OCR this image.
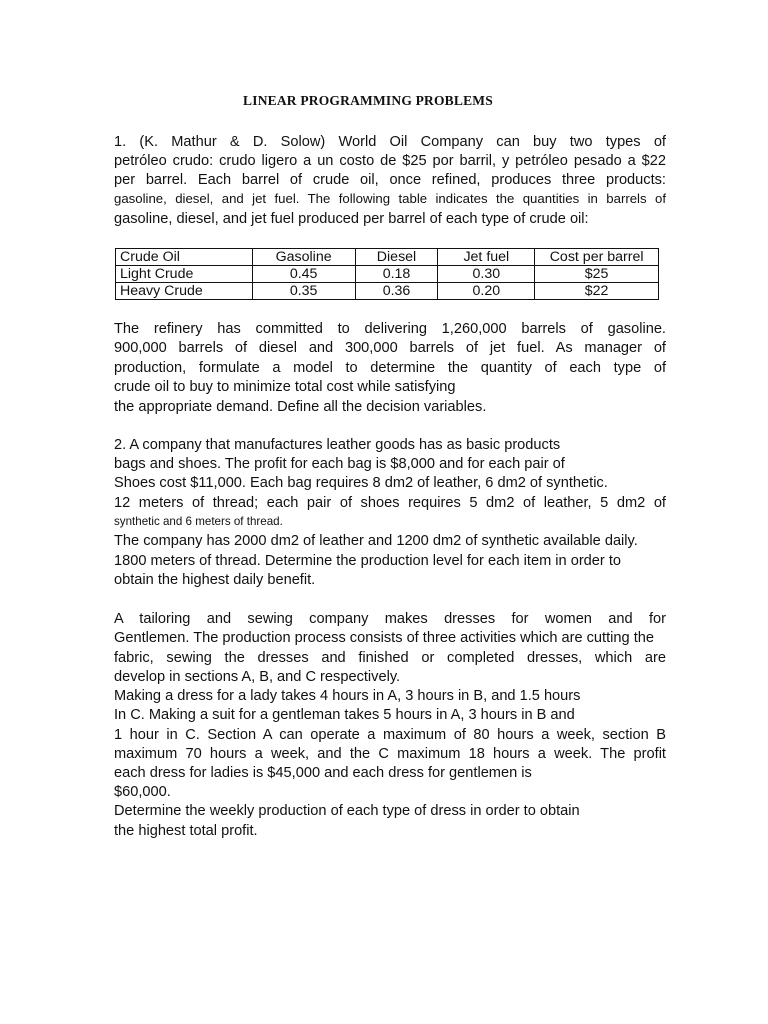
LINEAR PROGRAMMING PROBLEMS
1. (K. Mathur & D. Solow) World Oil Company can buy two types of
petróleo crudo: crudo ligero a un costo de $25 por barril, y petróleo pesado a $22
per barrel. Each barrel of crude oil, once refined, produces three products:
gasoline, diesel, and jet fuel. The following table indicates the quantities in barrels of
gasoline, diesel, and jet fuel produced per barrel of each type of crude oil:
Crude Oil	Gasoline	Diesel	Jet fuel	Cost per barrel
Light Crude	0.45	0.18	0.30	$25
Heavy Crude	0.35	0.36	0.20	$22
The refinery has committed to delivering 1,260,000 barrels of gasoline.
900,000 barrels of diesel and 300,000 barrels of jet fuel. As manager of
production, formulate a model to determine the quantity of each type of
crude oil to buy to minimize total cost while satisfying
the appropriate demand. Define all the decision variables.
2. A company that manufactures leather goods has as basic products
bags and shoes. The profit for each bag is $8,000 and for each pair of
Shoes cost $11,000. Each bag requires 8 dm2 of leather, 6 dm2 of synthetic.
12 meters of thread; each pair of shoes requires 5 dm2 of leather, 5 dm2 of
synthetic and 6 meters of thread.
The company has 2000 dm2 of leather and 1200 dm2 of synthetic available daily.
1800 meters of thread. Determine the production level for each item in order to
obtain the highest daily benefit.
A tailoring and sewing company makes dresses for women and for
Gentlemen. The production process consists of three activities which are cutting the
fabric, sewing the dresses and finished or completed dresses, which are
develop in sections A, B, and C respectively.
Making a dress for a lady takes 4 hours in A, 3 hours in B, and 1.5 hours
In C. Making a suit for a gentleman takes 5 hours in A, 3 hours in B and
1 hour in C. Section A can operate a maximum of 80 hours a week, section B
maximum 70 hours a week, and the C maximum 18 hours a week. The profit
each dress for ladies is $45,000 and each dress for gentlemen is
$60,000.
Determine the weekly production of each type of dress in order to obtain
the highest total profit.
